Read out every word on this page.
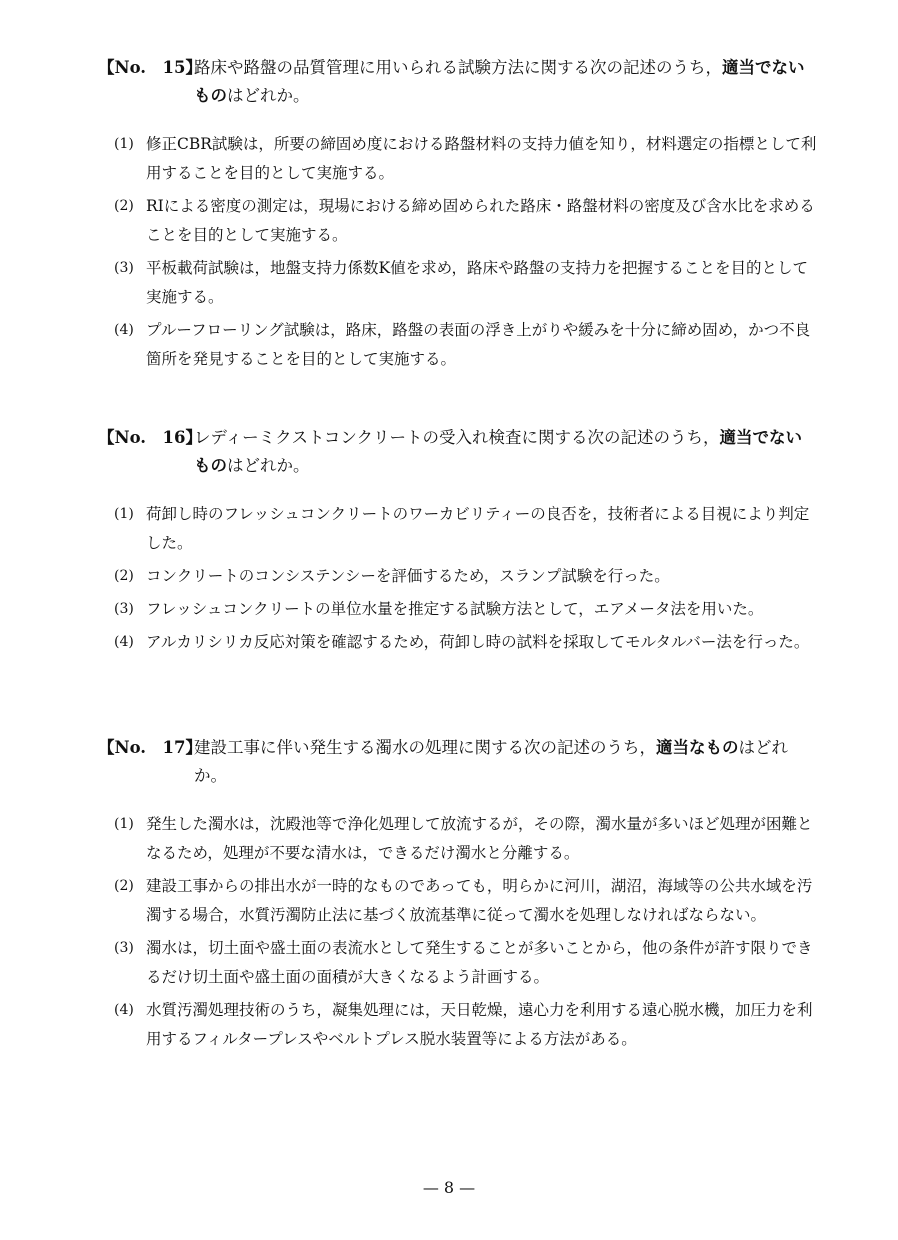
【No.　15】
路床や路盤の品質管理に用いられる試験方法に関する次の記述のうち，適当でないものはどれか。
(1) 修正CBR試験は，所要の締固め度における路盤材料の支持力値を知り，材料選定の指標として利用することを目的として実施する。
(2) RIによる密度の測定は，現場における締め固められた路床・路盤材料の密度及び含水比を求めることを目的として実施する。
(3) 平板載荷試験は，地盤支持力係数K値を求め，路床や路盤の支持力を把握することを目的として実施する。
(4) プルーフローリング試験は，路床，路盤の表面の浮き上がりや緩みを十分に締め固め，かつ不良箇所を発見することを目的として実施する。
【No.　16】
レディーミクストコンクリートの受入れ検査に関する次の記述のうち，適当でないものはどれか。
(1) 荷卸し時のフレッシュコンクリートのワーカビリティーの良否を，技術者による目視により判定した。
(2) コンクリートのコンシステンシーを評価するため，スランプ試験を行った。
(3) フレッシュコンクリートの単位水量を推定する試験方法として，エアメータ法を用いた。
(4) アルカリシリカ反応対策を確認するため，荷卸し時の試料を採取してモルタルバー法を行った。
【No.　17】
建設工事に伴い発生する濁水の処理に関する次の記述のうち，適当なものはどれか。
(1) 発生した濁水は，沈殿池等で浄化処理して放流するが，その際，濁水量が多いほど処理が困難となるため，処理が不要な清水は，できるだけ濁水と分離する。
(2) 建設工事からの排出水が一時的なものであっても，明らかに河川，湖沼，海域等の公共水域を汚濁する場合，水質汚濁防止法に基づく放流基準に従って濁水を処理しなければならない。
(3) 濁水は，切土面や盛土面の表流水として発生することが多いことから，他の条件が許す限りできるだけ切土面や盛土面の面積が大きくなるよう計画する。
(4) 水質汚濁処理技術のうち，凝集処理には，天日乾燥，遠心力を利用する遠心脱水機，加圧力を利用するフィルタープレスやベルトプレス脱水装置等による方法がある。
— 8 —
